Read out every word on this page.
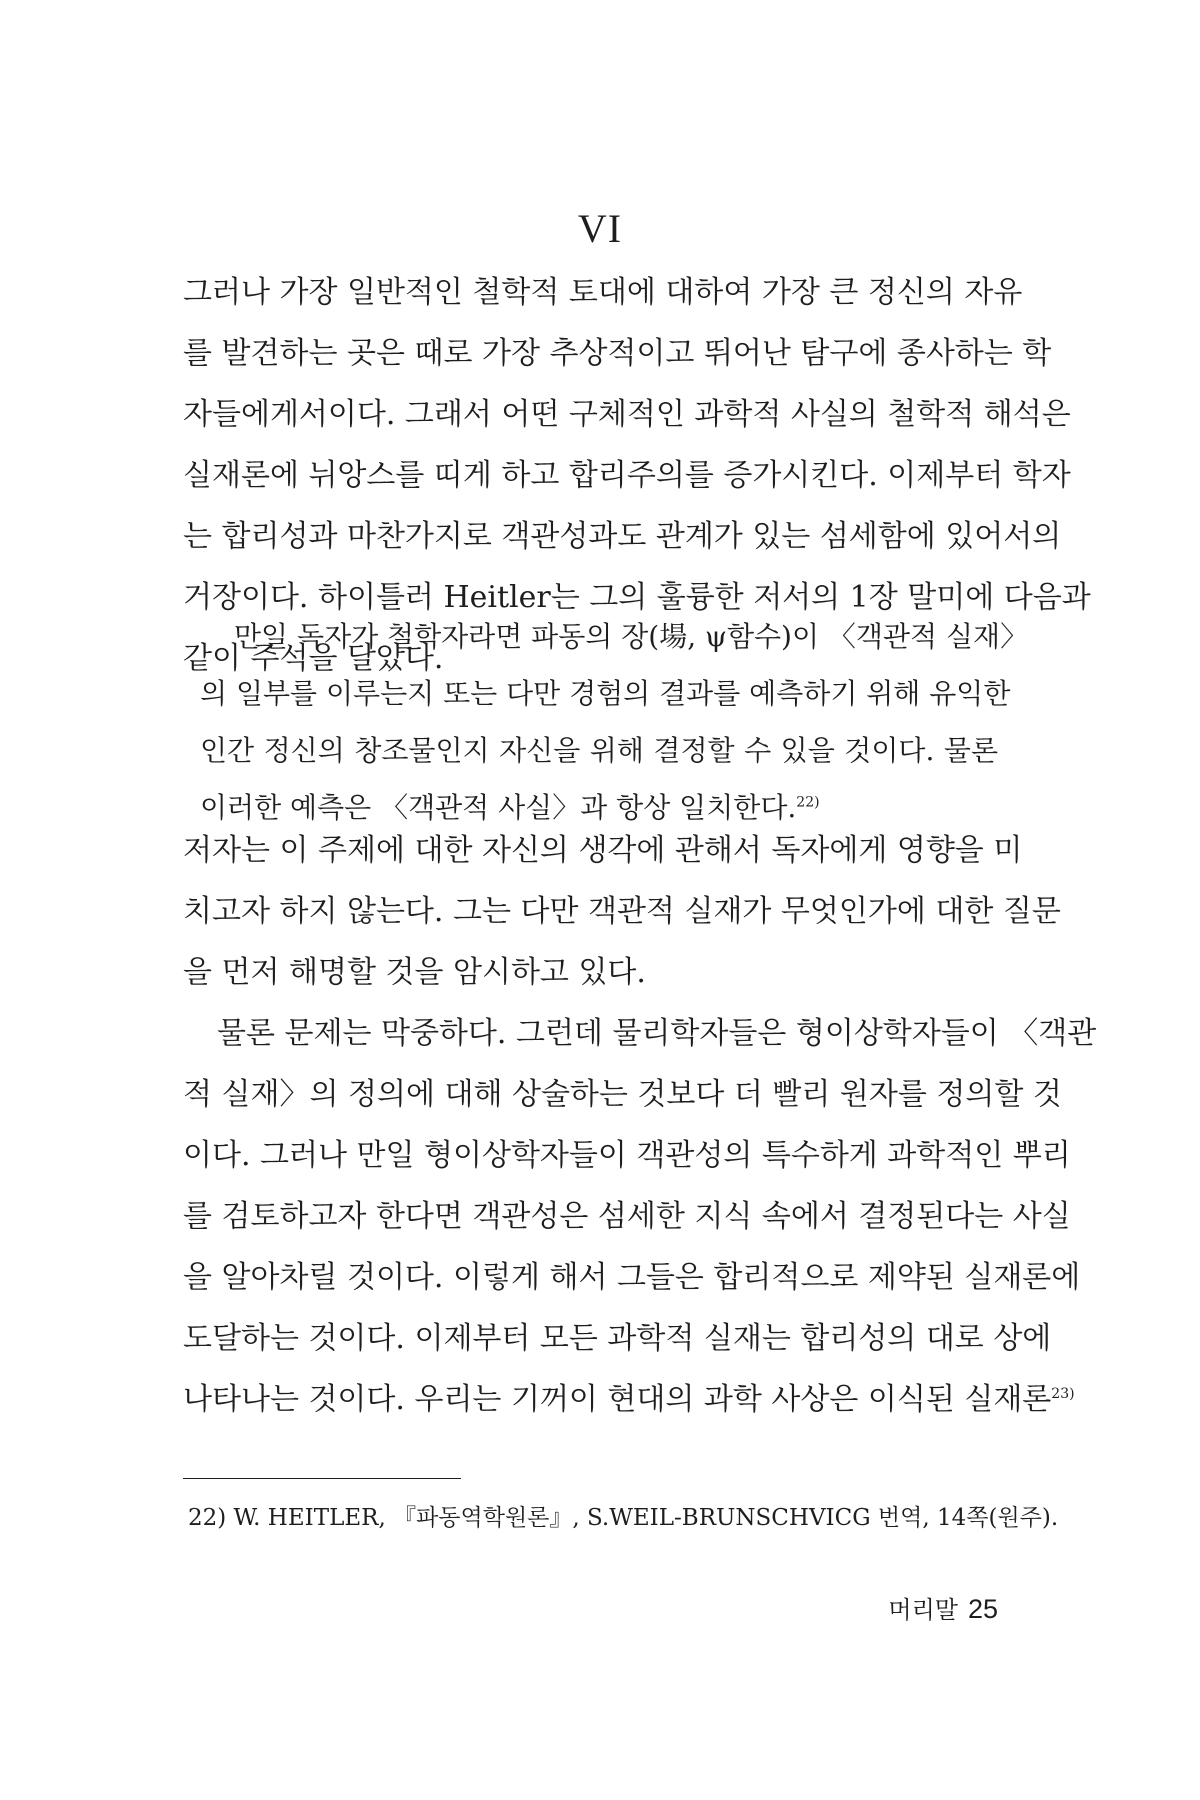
VI
그러나 가장 일반적인 철학적 토대에 대하여 가장 큰 정신의 자유
를 발견하는 곳은 때로 가장 추상적이고 뛰어난 탐구에 종사하는 학
자들에게서이다. 그래서 어떤 구체적인 과학적 사실의 철학적 해석은
실재론에 뉘앙스를 띠게 하고 합리주의를 증가시킨다. 이제부터 학자
는 합리성과 마찬가지로 객관성과도 관계가 있는 섬세함에 있어서의
거장이다. 하이틀러 Heitler는 그의 훌륭한 저서의 1장 말미에 다음과
같이 주석을 달았다.
만일 독자가 철학자라면 파동의 장(場, ψ함수)이 〈객관적 실재〉
의 일부를 이루는지 또는 다만 경험의 결과를 예측하기 위해 유익한
인간 정신의 창조물인지 자신을 위해 결정할 수 있을 것이다. 물론
이러한 예측은 〈객관적 사실〉과 항상 일치한다.$^{22)}$
저자는 이 주제에 대한 자신의 생각에 관해서 독자에게 영향을 미
치고자 하지 않는다. 그는 다만 객관적 실재가 무엇인가에 대한 질문
을 먼저 해명할 것을 암시하고 있다.
물론 문제는 막중하다. 그런데 물리학자들은 형이상학자들이 〈객관
적 실재〉의 정의에 대해 상술하는 것보다 더 빨리 원자를 정의할 것
이다. 그러나 만일 형이상학자들이 객관성의 특수하게 과학적인 뿌리
를 검토하고자 한다면 객관성은 섬세한 지식 속에서 결정된다는 사실
을 알아차릴 것이다. 이렇게 해서 그들은 합리적으로 제약된 실재론에
도달하는 것이다. 이제부터 모든 과학적 실재는 합리성의 대로 상에
나타나는 것이다. 우리는 기꺼이 현대의 과학 사상은 이식된 실재론$^{23)}$
22) W. HEITLER, 『파동역학원론』, S.WEIL-BRUNSCHVICG 번역, 14쪽(원주).
머리말 25
